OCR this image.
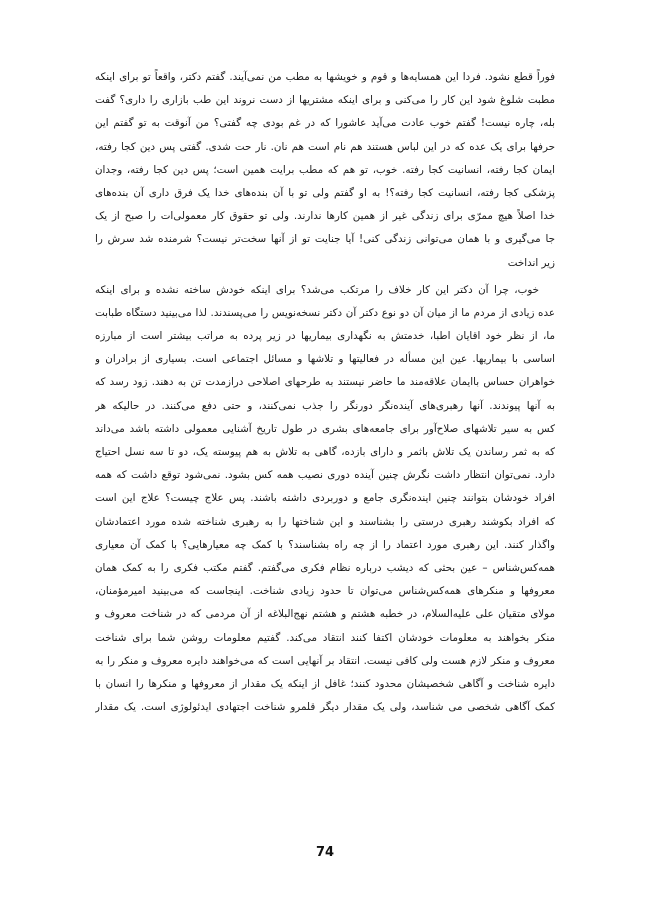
فوراً قطع نشود. فردا این همسایه‌ها و قوم و خویشها به مطب من نمی‌آیند. گفتم دکتر، واقعاً تو برای اینکه
مطبت شلوغ شود این کار را می‌کنی و برای اینکه مشتریها از دست نروند این طب بازاری را داری؟ گفت
بله، چاره نیست! گفتم خوب عادت می‌آید عاشورا که در غم بودی چه گفتی؟ من آنوقت به تو گفتم این
حرفها برای یک عده که در این لباس هستند هم نام است هم نان. نار حت شدی. گفتی پس دین کجا رفته،
ایمان کجا رفته، انسانیت کجا رفته. خوب، تو هم که مطب برایت همین است؛ پس دین کجا رفته، وجدان
پزشکی کجا رفته، انسانیت کجا رفته؟! به او گفتم ولی تو با آن بنده‌های خدا یک فرق داری آن بنده‌های
خدا اصلاً هیچ ممرّی برای زندگی غیر از همین کارها ندارند. ولی تو حقوق کار معمولی‌ات را صبح از یک
جا می‌گیری و با همان می‌توانی زندگی کنی! آیا جنایت تو از آنها سخت‌تر نیست؟ شرمنده شد سرش را
زیر انداخت
خوب، چرا آن دکتر این کار خلاف را مرتکب می‌شد؟ برای اینکه خودش ساخته نشده و برای اینکه
عده زیادی از مردم ما از میان آن دو نوع دکتر آن دکتر نسخه‌نویس را می‌پسندند. لذا می‌بینید دستگاه طبابت
ما، از نظر خود اقایان اطبا، خدمتش به نگهداری بیماریها در زیر پرده به مراتب بیشتر است از مبارزه
اساسی با بیماریها. عین این مسأله در فعالیتها و تلاشها و مسائل اجتماعی است. بسیاری از برادران و
خواهران حساس باایمان علاقه‌مند ما حاضر نیستند به طرحهای اصلاحی درازمدت تن به دهند. زود رسد که
به آنها پیوندند. آنها رهبری‌های آینده‌نگر دورنگر را جذب نمی‌کنند، و حتی دفع می‌کنند. در حالیکه هر
کس به سیر تلاشهای صلاح‌آور برای جامعه‌های بشری در طول تاریخ آشنایی معمولی داشته باشد می‌داند
که به ثمر رساندن یک تلاش باثمر و دارای بازده، گاهی به تلاش به هم پیوسته یک، دو تا سه نسل احتیاج
دارد. نمی‌توان انتظار داشت نگرش چنین آینده دوری نصیب همه کس بشود. نمی‌شود توقع داشت که همه
افراد خودشان بتوانند چنین اینده‌نگری جامع و دوربردی داشته باشند. پس علاج چیست؟ علاج این است
که افراد بکوشند رهبری درستی را بشناسند و این شناختها را به رهبری شناخته شده مورد اعتمادشان
واگذار کنند. این رهبری مورد اعتماد را از چه راه بشناسند؟ با کمک چه معیارهایی؟ با کمک آن معیاری
همه‌کس‌شناس – عین بحثی که دیشب درباره نظام فکری می‌گفتم. گفتم مکتب فکری را به کمک همان
معروفها و منکرهای همه‌کس‌شناس می‌توان تا حدود زیادی شناخت. اینجاست که می‌بینید امیرمؤمنان،
مولای متقیان علی علیه‌السلام، در خطبه هشتم و هشتم نهج‌البلاغه از آن مردمی که در شناخت معروف و
منکر بخواهند به معلومات خودشان اکتفا کنند انتقاد می‌کند. گفتیم معلومات روشن شما برای شناخت
معروف و منکر لازم هست ولی کافی نیست. انتقاد بر آنهایی است که می‌خواهند دایره معروف و منکر را به
دایره شناخت و آگاهی شخصیشان محدود کنند؛ غافل از اینکه یک مقدار از معروفها و منکرها را انسان با
کمک آگاهی شخصی می شناسد، ولی یک مقدار دیگر قلمرو شناخت اجتهادی ایدئولوژی است. یک مقدار
74
